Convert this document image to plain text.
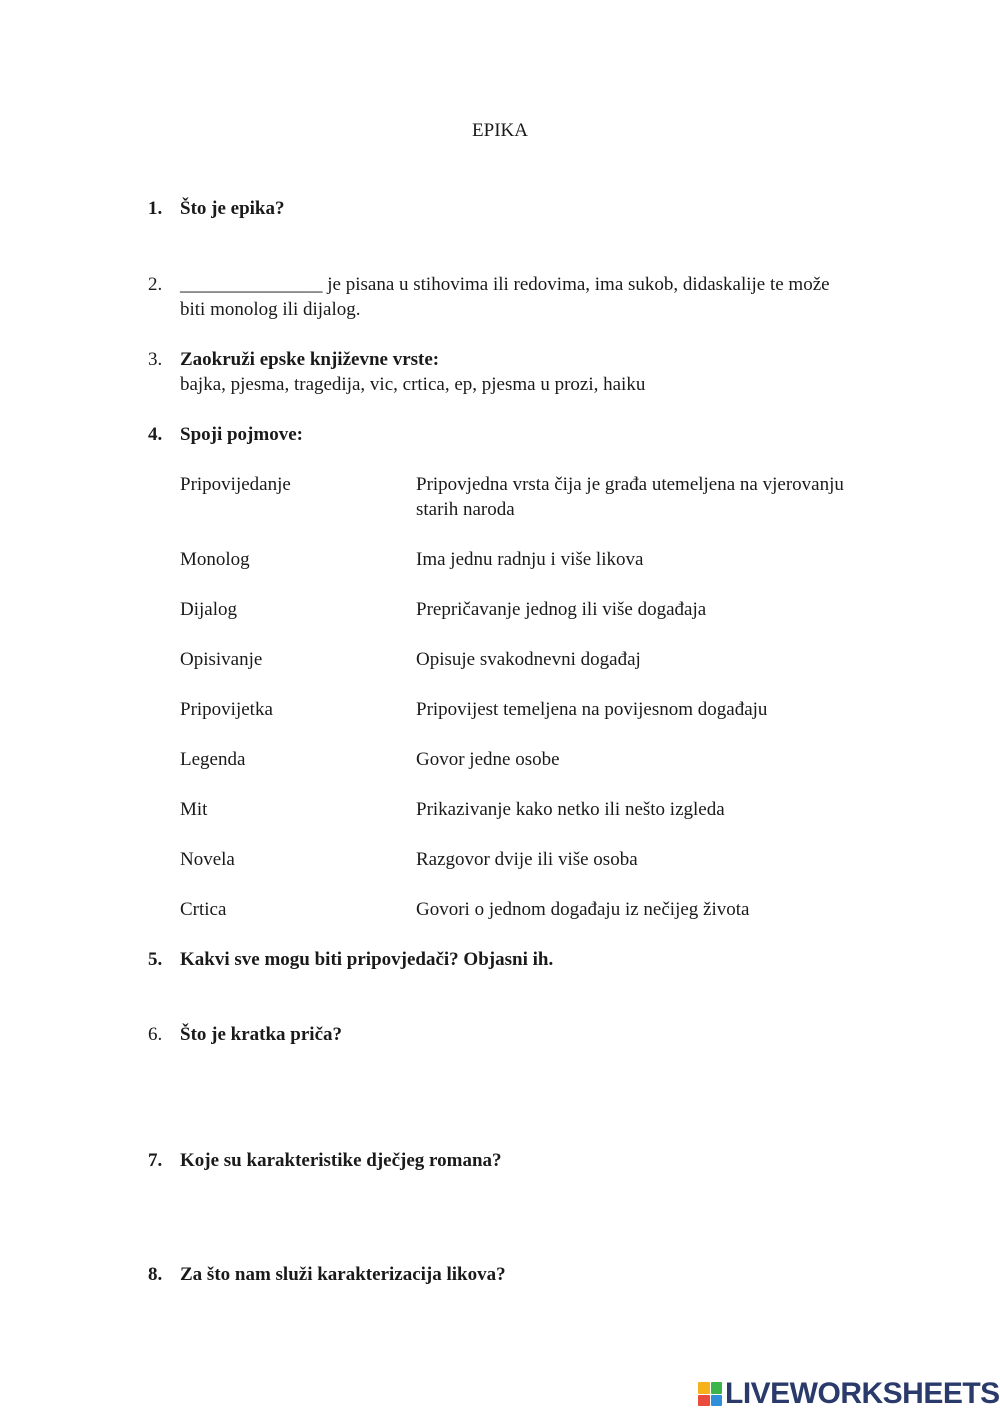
EPIKA
1. Što je epika?
2. _______________ je pisana u stihovima ili redovima, ima sukob, didaskalije te može
biti monolog ili dijalog.
3. Zaokruži epske književne vrste:
bajka, pjesma, tragedija, vic, crtica, ep, pjesma u prozi, haiku
4. Spoji pojmove:
Pripovijedanje	Pripovjedna vrsta čija je građa utemeljena na vjerovanju
starih naroda
Monolog	Ima jednu radnju i više likova
Dijalog	Prepričavanje jednog ili više događaja
Opisivanje	Opisuje svakodnevni događaj
Pripovijetka	Pripovijest temeljena na povijesnom događaju
Legenda	Govor jedne osobe
Mit	Prikazivanje kako netko ili nešto izgleda
Novela	Razgovor dvije ili više osoba
Crtica	Govori o jednom događaju iz nečijeg života
5. Kakvi sve mogu biti pripovjedači? Objasni ih.
6. Što je kratka priča?
7. Koje su karakteristike dječjeg romana?
8. Za što nam služi karakterizacija likova?
LIVEWORKSHEETS
